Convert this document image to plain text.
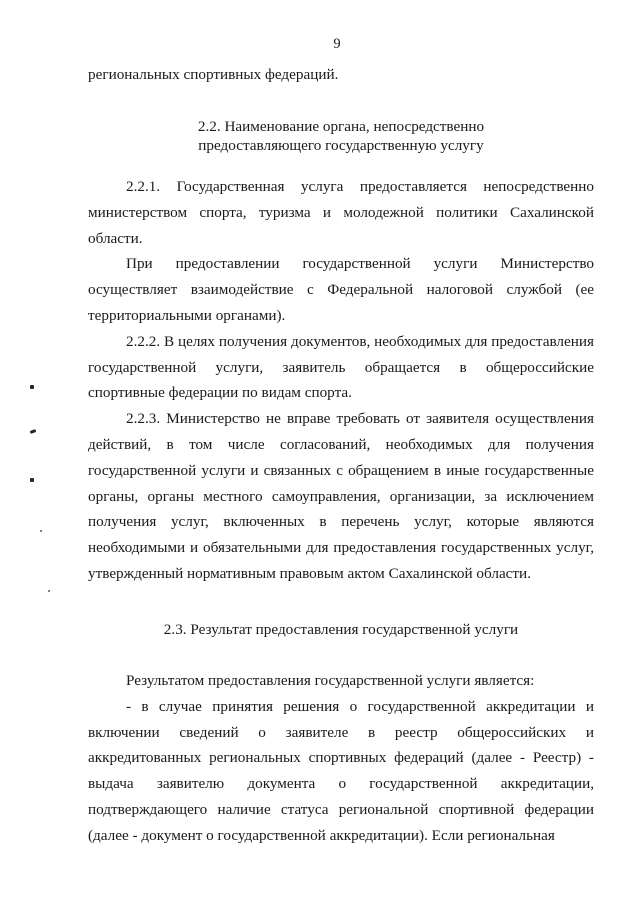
9

региональных спортивных федераций.

2.2. Наименование органа, непосредственно
предоставляющего государственную услугу

2.2.1. Государственная услуга предоставляется непосредственно министерством спорта, туризма и молодежной политики Сахалинской области.

При предоставлении государственной услуги Министерство осуществляет взаимодействие с Федеральной налоговой службой (ее территориальными органами).

2.2.2. В целях получения документов, необходимых для предоставления государственной услуги, заявитель обращается в общероссийские спортивные федерации по видам спорта.

2.2.3. Министерство не вправе требовать от заявителя осуществления действий, в том числе согласований, необходимых для получения государственной услуги и связанных с обращением в иные государственные органы, органы местного самоуправления, организации, за исключением получения услуг, включенных в перечень услуг, которые являются необходимыми и обязательными для предоставления государственных услуг, утвержденный нормативным правовым актом Сахалинской области.

2.3. Результат предоставления государственной услуги

Результатом предоставления государственной услуги является:

- в случае принятия решения о государственной аккредитации и включении сведений о заявителе в реестр общероссийских и аккредитованных региональных спортивных федераций (далее - Реестр) - выдача заявителю документа о государственной аккредитации, подтверждающего наличие статуса региональной спортивной федерации (далее - документ о государственной аккредитации). Если региональная
